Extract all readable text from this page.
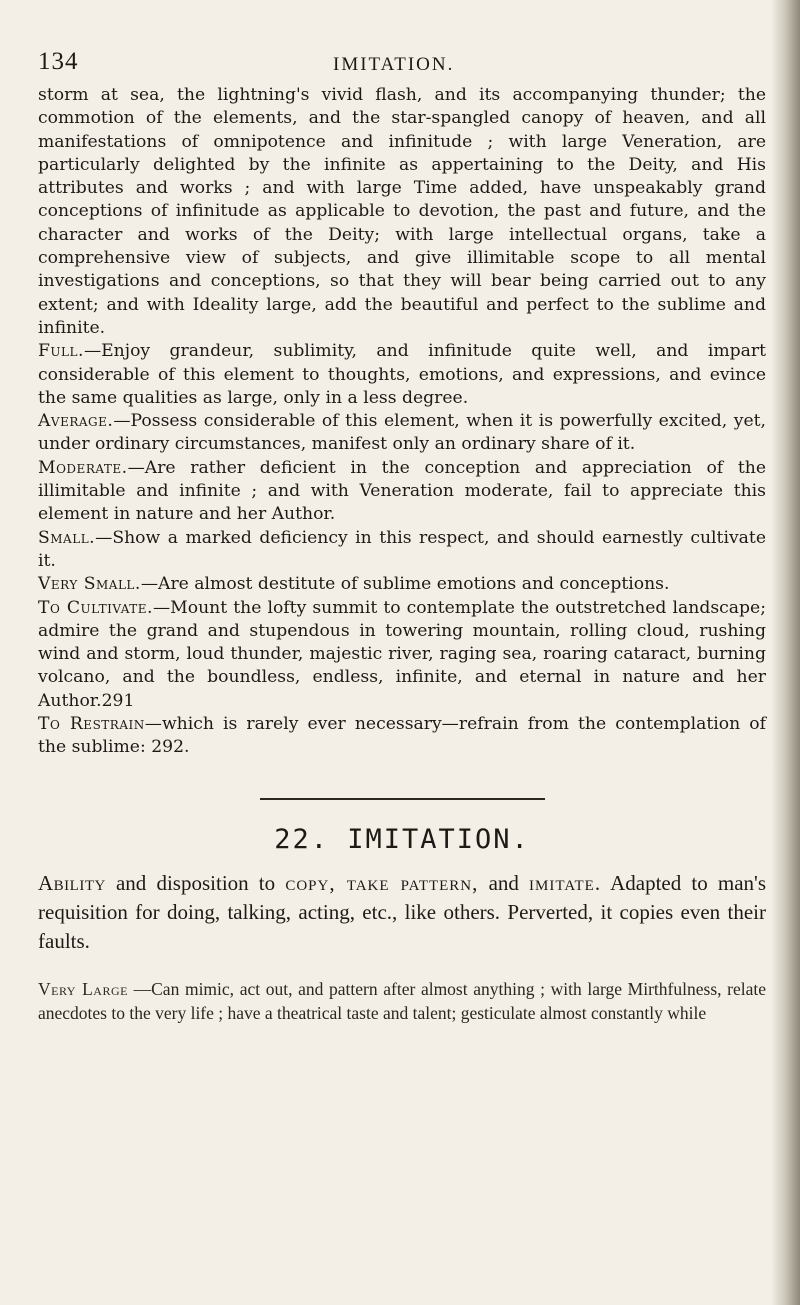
134	IMITATION.

storm at sea, the lightning's vivid flash, and its accompanying thunder; the commotion of the elements, and the star-spangled canopy of heaven, and all manifestations of omnipotence and infinitude ; with large Veneration, are particularly delighted by the infinite as appertaining to the Deity, and His attributes and works ; and with large Time added, have unspeakably grand conceptions of infinitude as applicable to devotion, the past and future, and the character and works of the Deity; with large intellectual organs, take a comprehensive view of subjects, and give illimitable scope to all mental investigations and conceptions, so that they will bear being carried out to any extent; and with Ideality large, add the beautiful and perfect to the sublime and infinite.

Full.—Enjoy grandeur, sublimity, and infinitude quite well, and impart considerable of this element to thoughts, emotions, and expressions, and evince the same qualities as large, only in a less degree.

Average.—Possess considerable of this element, when it is powerfully excited, yet, under ordinary circumstances, manifest only an ordinary share of it.

Moderate.—Are rather deficient in the conception and appreciation of the illimitable and infinite ; and with Veneration moderate, fail to appreciate this element in nature and her Author.

Small.—Show a marked deficiency in this respect, and should earnestly cultivate it.

Very Small.—Are almost destitute of sublime emotions and conceptions.

To Cultivate.—Mount the lofty summit to contemplate the outstretched landscape; admire the grand and stupendous in towering mountain, rolling cloud, rushing wind and storm, loud thunder, majestic river, raging sea, roaring cataract, burning volcano, and the boundless, endless, infinite, and eternal in nature and her Author.291

To Restrain—which is rarely ever necessary—refrain from the contemplation of the sublime: 292.

22. IMITATION.

Ability and disposition to copy, take pattern, and imitate. Adapted to man's requisition for doing, talking, acting, etc., like others. Perverted, it copies even their faults.

Very Large —Can mimic, act out, and pattern after almost anything ; with large Mirthfulness, relate anecdotes to the very life ; have a theatrical taste and talent; gesticulate almost constantly while
